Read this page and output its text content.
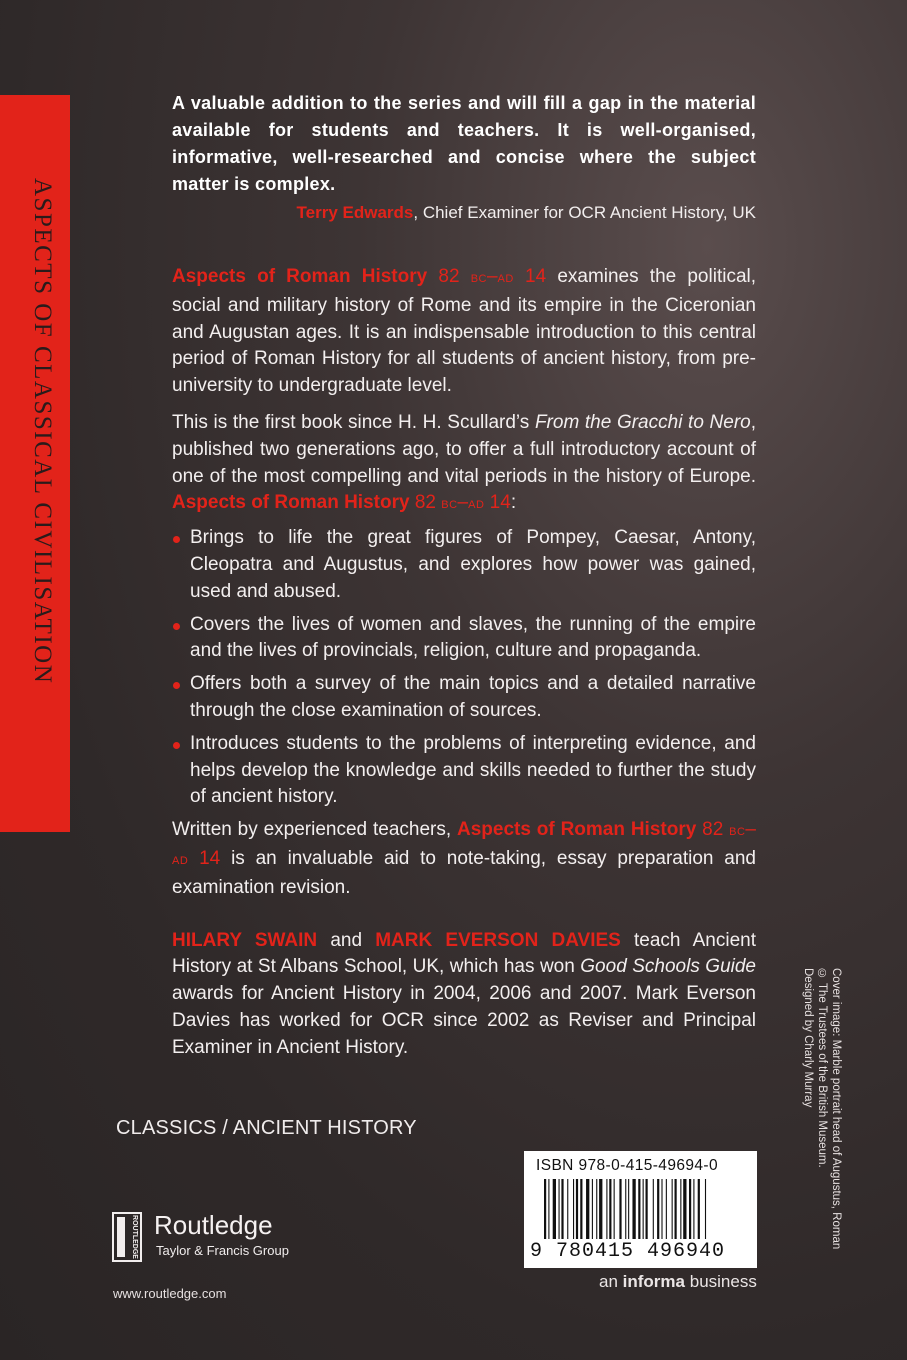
ASPECTS OF CLASSICAL CIVILISATION
A valuable addition to the series and will fill a gap in the material available for students and teachers. It is well-organised, informative, well-researched and concise where the subject matter is complex.
Terry Edwards, Chief Examiner for OCR Ancient History, UK

Aspects of Roman History 82 BC–AD 14 examines the political, social and military history of Rome and its empire in the Ciceronian and Augustan ages. It is an indispensable introduction to this central period of Roman History for all students of ancient history, from pre-university to undergraduate level.

This is the first book since H. H. Scullard’s From the Gracchi to Nero, published two generations ago, to offer a full introductory account of one of the most compelling and vital periods in the history of Europe. Aspects of Roman History 82 BC–AD 14:

Brings to life the great figures of Pompey, Caesar, Antony, Cleopatra and Augustus, and explores how power was gained, used and abused.
Covers the lives of women and slaves, the running of the empire and the lives of provincials, religion, culture and propaganda.
Offers both a survey of the main topics and a detailed narrative through the close examination of sources.
Introduces students to the problems of interpreting evidence, and helps develop the knowledge and skills needed to further the study of ancient history.

Written by experienced teachers, Aspects of Roman History 82 BC–AD 14 is an invaluable aid to note-taking, essay preparation and examination revision.

HILARY SWAIN and MARK EVERSON DAVIES teach Ancient History at St Albans School, UK, which has won Good Schools Guide awards for Ancient History in 2004, 2006 and 2007. Mark Everson Davies has worked for OCR since 2002 as Reviser and Principal Examiner in Ancient History.

CLASSICS / ANCIENT HISTORY
ROUTLEDGE Routledge
Taylor & Francis Group
www.routledge.com
ISBN 978-0-415-49694-0
9 780415 496940
an informa business
Cover image: Marble portrait head of Augustus, Roman
© The Trustees of the British Museum.
Designed by Charly Murray
